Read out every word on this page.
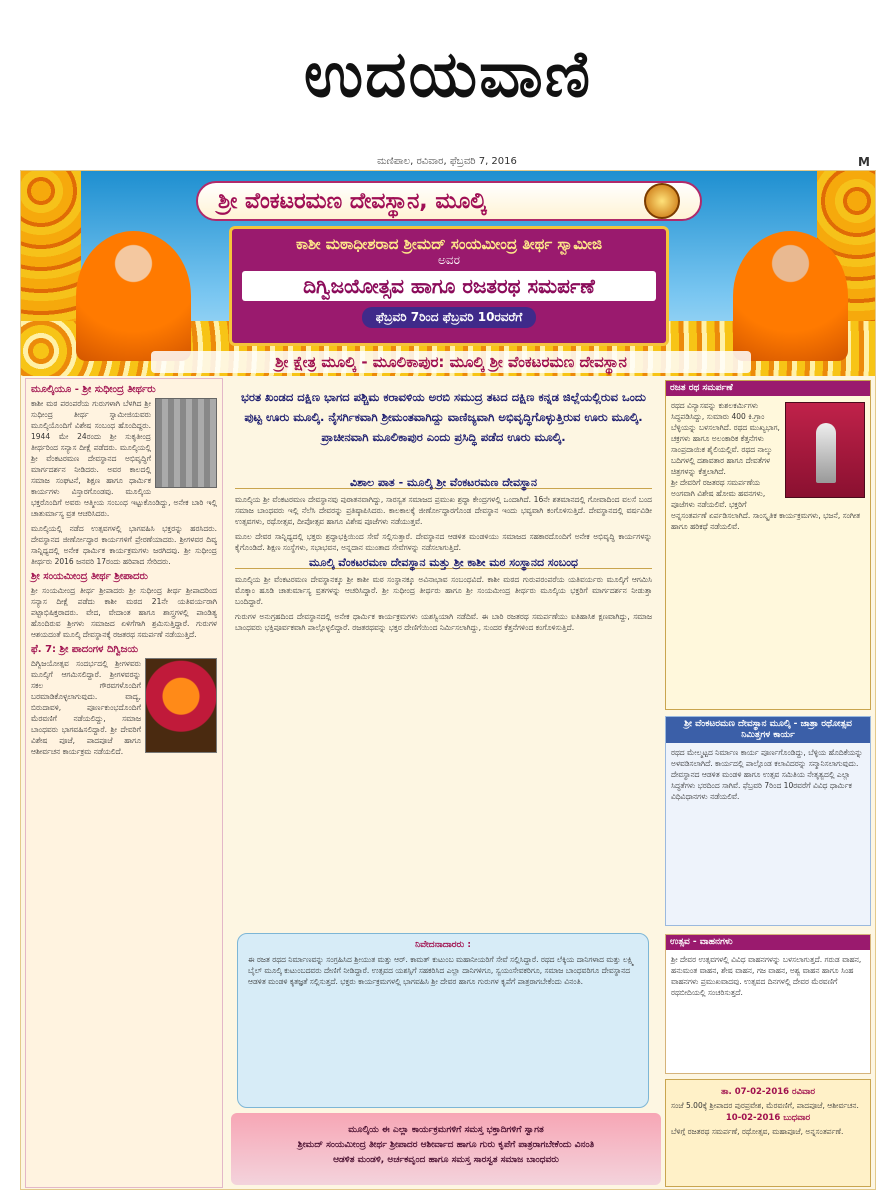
ಉದಯವಾಣಿ
ಮಣಿಪಾಲ, ರವಿವಾರ, ಫೆಬ್ರವರಿ 7, 2016	M
ಶ್ರೀ ವೆಂಕಟರಮಣ ದೇವಸ್ಥಾನ, ಮೂಲ್ಕಿ
ಕಾಶೀ ಮಠಾಧೀಶರಾದ ಶ್ರೀಮದ್ ಸಂಯಮೀಂದ್ರ ತೀರ್ಥ ಸ್ವಾಮೀಜಿ
ಅವರ
ದಿಗ್ವಿಜಯೋತ್ಸವ ಹಾಗೂ ರಜತರಥ ಸಮರ್ಪಣೆ
ಫೆಬ್ರವರಿ 7ರಿಂದ ಫೆಬ್ರವರಿ 10ರವರೆಗೆ
ಶ್ರೀ ಕ್ಷೇತ್ರ ಮೂಲ್ಕಿ - ಮೂಲಿಕಾಪುರ: ಮೂಲ್ಕಿ ಶ್ರೀ ವೆಂಕಟರಮಣ ದೇವಸ್ಥಾನ
ಮೂಲ್ಕಿಯೂ - ಶ್ರೀ ಸುಧೀಂದ್ರ ತೀರ್ಥರು

ಕಾಶೀ ಮಠ ಪರಂಪರೆಯ ಗುರುಗಳಾಗಿ ಬೆಳಗಿದ ಶ್ರೀ ಸುಧೀಂದ್ರ ತೀರ್ಥ ಸ್ವಾಮೀಜಿಯವರು ಮೂಲ್ಕಿಯೊಂದಿಗೆ ವಿಶೇಷ ಸಂಬಂಧ ಹೊಂದಿದ್ದರು. 1944 ಮೇ 24ರಂದು ಶ್ರೀ ಸುಕೃತೀಂದ್ರ ತೀರ್ಥರಿಂದ ಸನ್ಯಾಸ ದೀಕ್ಷೆ ಪಡೆದರು. ಮೂಲ್ಕಿಯಲ್ಲಿ ಶ್ರೀ ವೆಂಕಟರಮಣ ದೇವಸ್ಥಾನದ ಅಭಿವೃದ್ಧಿಗೆ ಮಾರ್ಗದರ್ಶನ ನೀಡಿದರು. ಅವರ ಕಾಲದಲ್ಲಿ ಸಮಾಜ ಸಂಘಟನೆ, ಶಿಕ್ಷಣ ಹಾಗೂ ಧಾರ್ಮಿಕ ಕಾರ್ಯಗಳು ವಿಸ್ತಾರಗೊಂಡವು. ಮೂಲ್ಕಿಯ ಭಕ್ತರೊಂದಿಗೆ ಅವರು ಆತ್ಮೀಯ ಸಂಬಂಧ ಇಟ್ಟುಕೊಂಡಿದ್ದು, ಅನೇಕ ಬಾರಿ ಇಲ್ಲಿ ಚಾತುರ್ಮಾಸ್ಯ ವ್ರತ ಆಚರಿಸಿದರು.

ಮೂಲ್ಕಿಯಲ್ಲಿ ನಡೆದ ಉತ್ಸವಗಳಲ್ಲಿ ಭಾಗವಹಿಸಿ ಭಕ್ತರನ್ನು ಹರಸಿದರು. ದೇವಸ್ಥಾನದ ಜೀರ್ಣೋದ್ಧಾರ ಕಾರ್ಯಗಳಿಗೆ ಪ್ರೇರಣೆಯಾದರು. ಶ್ರೀಗಳವರ ದಿವ್ಯ ಸಾನ್ನಿಧ್ಯದಲ್ಲಿ ಅನೇಕ ಧಾರ್ಮಿಕ ಕಾರ್ಯಕ್ರಮಗಳು ಜರಗಿದವು. ಶ್ರೀ ಸುಧೀಂದ್ರ ತೀರ್ಥರು 2016 ಜನವರಿ 17ರಂದು ಹರಿಪಾದ ಸೇರಿದರು.

ಶ್ರೀ ಸಂಯಮೀಂದ್ರ ತೀರ್ಥ ಶ್ರೀಪಾದರು

ಶ್ರೀ ಸಂಯಮೀಂದ್ರ ತೀರ್ಥ ಶ್ರೀಪಾದರು ಶ್ರೀ ಸುಧೀಂದ್ರ ತೀರ್ಥ ಶ್ರೀಪಾದರಿಂದ ಸನ್ಯಾಸ ದೀಕ್ಷೆ ಪಡೆದು ಕಾಶೀ ಮಠದ 21ನೇ ಯತಿವರ್ಯರಾಗಿ ಪಟ್ಟಾಭಿಷಿಕ್ತರಾದರು. ವೇದ, ವೇದಾಂತ ಹಾಗೂ ಶಾಸ್ತ್ರಗಳಲ್ಲಿ ಪಾಂಡಿತ್ಯ ಹೊಂದಿರುವ ಶ್ರೀಗಳು ಸಮಾಜದ ಏಳಿಗೆಗಾಗಿ ಶ್ರಮಿಸುತ್ತಿದ್ದಾರೆ. ಗುರುಗಳ ಆಶಯದಂತೆ ಮೂಲ್ಕಿ ದೇವಸ್ಥಾನಕ್ಕೆ ರಜತರಥ ಸಮರ್ಪಣೆ ನಡೆಯುತ್ತಿದೆ.

ಫೆ. 7: ಶ್ರೀ ಪಾದಂಗಳ ದಿಗ್ವಿಜಯ

ದಿಗ್ವಿಜಯೋತ್ಸವ ಸಂದರ್ಭದಲ್ಲಿ ಶ್ರೀಗಳವರು ಮೂಲ್ಕಿಗೆ ಆಗಮಿಸಲಿದ್ದಾರೆ. ಶ್ರೀಗಳವರನ್ನು ಸಕಲ ಗೌರವಗಳೊಂದಿಗೆ ಬರಮಾಡಿಕೊಳ್ಳಲಾಗುವುದು. ವಾದ್ಯ, ಬಿರುದಾವಳಿ, ಪೂರ್ಣಕುಂಭದೊಂದಿಗೆ ಮೆರವಣಿಗೆ ನಡೆಯಲಿದ್ದು, ಸಮಾಜ ಬಾಂಧವರು ಭಾಗವಹಿಸಲಿದ್ದಾರೆ. ಶ್ರೀ ದೇವರಿಗೆ ವಿಶೇಷ ಪೂಜೆ, ಪಾದಪೂಜೆ ಹಾಗೂ ಆಶೀರ್ವಚನ ಕಾರ್ಯಕ್ರಮ ನಡೆಯಲಿದೆ.

ಭರತ ಖಂಡದ ದಕ್ಷಿಣ ಭಾಗದ ಪಶ್ಚಿಮ ಕರಾವಳಿಯ ಅರಬಿ ಸಮುದ್ರ ತಟದ ದಕ್ಷಿಣ ಕನ್ನಡ ಜಿಲ್ಲೆಯಲ್ಲಿರುವ ಒಂದು ಪುಟ್ಟ ಊರು ಮೂಲ್ಕಿ. ನೈಸರ್ಗಿಕವಾಗಿ ಶ್ರೀಮಂತವಾಗಿದ್ದು ವಾಣಿಜ್ಯವಾಗಿ ಅಭಿವೃದ್ಧಿಗೊಳ್ಳುತ್ತಿರುವ ಊರು ಮೂಲ್ಕಿ. ಪ್ರಾಚೀನವಾಗಿ ಮೂಲಿಕಾಪುರ ಎಂದು ಪ್ರಸಿದ್ಧಿ ಪಡೆದ ಊರು ಮೂಲ್ಕಿ.
ವಿಶಾಲ ಪಾತ - ಮೂಲ್ಕಿ ಶ್ರೀ ವೆಂಕಟರಮಣ ದೇವಸ್ಥಾನ

ಮೂಲ್ಕಿಯ ಶ್ರೀ ವೆಂಕಟರಮಣ ದೇವಸ್ಥಾನವು ಪುರಾತನವಾಗಿದ್ದು, ಸಾರಸ್ವತ ಸಮಾಜದ ಪ್ರಮುಖ ಶ್ರದ್ಧಾ ಕೇಂದ್ರಗಳಲ್ಲಿ ಒಂದಾಗಿದೆ. 16ನೇ ಶತಮಾನದಲ್ಲಿ ಗೋವಾದಿಂದ ವಲಸೆ ಬಂದ ಸಮಾಜ ಬಾಂಧವರು ಇಲ್ಲಿ ನೆಲೆಸಿ ದೇವರನ್ನು ಪ್ರತಿಷ್ಠಾಪಿಸಿದರು. ಕಾಲಕಾಲಕ್ಕೆ ಜೀರ್ಣೋದ್ಧಾರಗೊಂಡ ದೇವಸ್ಥಾನ ಇಂದು ಭವ್ಯವಾಗಿ ಕಂಗೊಳಿಸುತ್ತಿದೆ. ದೇವಸ್ಥಾನದಲ್ಲಿ ವರ್ಷವಿಡೀ ಉತ್ಸವಗಳು, ರಥೋತ್ಸವ, ದೀಪೋತ್ಸವ ಹಾಗೂ ವಿಶೇಷ ಪೂಜೆಗಳು ನಡೆಯುತ್ತವೆ.

ಮೂಲ ದೇವರ ಸಾನ್ನಿಧ್ಯದಲ್ಲಿ ಭಕ್ತರು ಶ್ರದ್ಧಾಭಕ್ತಿಯಿಂದ ಸೇವೆ ಸಲ್ಲಿಸುತ್ತಾರೆ. ದೇವಸ್ಥಾನದ ಆಡಳಿತ ಮಂಡಳಿಯು ಸಮಾಜದ ಸಹಕಾರದೊಂದಿಗೆ ಅನೇಕ ಅಭಿವೃದ್ಧಿ ಕಾರ್ಯಗಳನ್ನು ಕೈಗೊಂಡಿದೆ. ಶಿಕ್ಷಣ ಸಂಸ್ಥೆಗಳು, ಸಭಾಭವನ, ಅನ್ನದಾನ ಮುಂತಾದ ಸೇವೆಗಳನ್ನು ನಡೆಸಲಾಗುತ್ತಿದೆ.

ಮೂಲ್ಕಿ ವೆಂಕಟರಮಣ ದೇವಸ್ಥಾನ ಮತ್ತು ಶ್ರೀ ಕಾಶೀ ಮಠ ಸಂಸ್ಥಾನದ ಸಂಬಂಧ

ಮೂಲ್ಕಿಯ ಶ್ರೀ ವೆಂಕಟರಮಣ ದೇವಸ್ಥಾನಕ್ಕೂ ಶ್ರೀ ಕಾಶೀ ಮಠ ಸಂಸ್ಥಾನಕ್ಕೂ ಅವಿನಾಭಾವ ಸಂಬಂಧವಿದೆ. ಕಾಶೀ ಮಠದ ಗುರುಪರಂಪರೆಯ ಯತಿವರ್ಯರು ಮೂಲ್ಕಿಗೆ ಆಗಮಿಸಿ ಮೊಕ್ಕಾಂ ಹೂಡಿ ಚಾತುರ್ಮಾಸ್ಯ ವ್ರತಗಳನ್ನು ಆಚರಿಸಿದ್ದಾರೆ. ಶ್ರೀ ಸುಧೀಂದ್ರ ತೀರ್ಥರು ಹಾಗೂ ಶ್ರೀ ಸಂಯಮೀಂದ್ರ ತೀರ್ಥರು ಮೂಲ್ಕಿಯ ಭಕ್ತರಿಗೆ ಮಾರ್ಗದರ್ಶನ ನೀಡುತ್ತಾ ಬಂದಿದ್ದಾರೆ.

ಗುರುಗಳ ಅನುಗ್ರಹದಿಂದ ದೇವಸ್ಥಾನದಲ್ಲಿ ಅನೇಕ ಧಾರ್ಮಿಕ ಕಾರ್ಯಕ್ರಮಗಳು ಯಶಸ್ವಿಯಾಗಿ ನಡೆದಿವೆ. ಈ ಬಾರಿ ರಜತರಥ ಸಮರ್ಪಣೆಯು ಐತಿಹಾಸಿಕ ಕ್ಷಣವಾಗಿದ್ದು, ಸಮಾಜ ಬಾಂಧವರು ಭಕ್ತಿಪೂರ್ವಕವಾಗಿ ಪಾಲ್ಗೊಳ್ಳಲಿದ್ದಾರೆ. ರಜತರಥವನ್ನು ಭಕ್ತರ ದೇಣಿಗೆಯಿಂದ ನಿರ್ಮಿಸಲಾಗಿದ್ದು, ಸುಂದರ ಕೆತ್ತನೆಗಳಿಂದ ಕಂಗೊಳಿಸುತ್ತಿದೆ.

ನಿವೇದನಾದಾರರು :

ಈ ರಜತ ರಥದ ನಿರ್ಮಾಣವನ್ನು ಸಂಗ್ರಹಿಸಿದ ಶ್ರೀಯುತ ಮತ್ತು ಆರ್. ಕಾಮತ್ ಕುಟುಂಬ ಮಹಾನೀಯರಿಗೆ ಸೇವೆ ಸಲ್ಲಿಸಿದ್ದಾರೆ. ರಥದ ಲೆಕ್ಕಿಯ ದಾನಿಗಳಾದ ಮತ್ತು ಲಕ್ಷ್ಮಿ ಬೈಲ್ ಮೂಲ್ಕಿ ಕುಟುಂಬದವರು ದೇಣಿಗೆ ನೀಡಿದ್ದಾರೆ. ಉತ್ಸವದ ಯಶಸ್ಸಿಗೆ ಸಹಕರಿಸಿದ ಎಲ್ಲಾ ದಾನಿಗಳಿಗೂ, ಸ್ವಯಂಸೇವಕರಿಗೂ, ಸಮಾಜ ಬಾಂಧವರಿಗೂ ದೇವಸ್ಥಾನದ ಆಡಳಿತ ಮಂಡಳಿ ಕೃತಜ್ಞತೆ ಸಲ್ಲಿಸುತ್ತದೆ. ಭಕ್ತರು ಕಾರ್ಯಕ್ರಮಗಳಲ್ಲಿ ಭಾಗವಹಿಸಿ ಶ್ರೀ ದೇವರ ಹಾಗೂ ಗುರುಗಳ ಕೃಪೆಗೆ ಪಾತ್ರರಾಗಬೇಕೆಂದು ವಿನಂತಿ.

ಮೂಲ್ಕಿಯ ಈ ಎಲ್ಲಾ ಕಾರ್ಯಕ್ರಮಗಳಿಗೆ ಸಮಸ್ತ ಭಕ್ತಾದಿಗಳಿಗೆ ಸ್ವಾಗತ
ಶ್ರೀಮದ್ ಸಂಯಮೀಂದ್ರ ತೀರ್ಥ ಶ್ರೀಪಾದರ ಆಶೀರ್ವಾದ ಹಾಗೂ ಗುರು ಕೃಪೆಗೆ ಪಾತ್ರರಾಗಬೇಕೆಂದು ವಿನಂತಿ
ಆಡಳಿತ ಮಂಡಳಿ, ಅರ್ಚಕವೃಂದ ಹಾಗೂ ಸಮಸ್ತ ಸಾರಸ್ವತ ಸಮಾಜ ಬಾಂಧವರು
ರಜತ ರಥ ಸಮರ್ಪಣೆ

ರಥದ ವಿನ್ಯಾಸವನ್ನು ಕುಶಲಕರ್ಮಿಗಳು ಸಿದ್ಧಪಡಿಸಿದ್ದು, ಸುಮಾರು 400 ಕಿ.ಗ್ರಾಂ ಬೆಳ್ಳಿಯನ್ನು ಬಳಸಲಾಗಿದೆ. ರಥದ ಮುಖ್ಯಭಾಗ, ಚಕ್ರಗಳು ಹಾಗೂ ಅಲಂಕಾರಿಕ ಕೆತ್ತನೆಗಳು ಸಾಂಪ್ರದಾಯಿಕ ಶೈಲಿಯಲ್ಲಿವೆ. ರಥದ ನಾಲ್ಕು ಬದಿಗಳಲ್ಲಿ ದಶಾವತಾರ ಹಾಗೂ ದೇವತೆಗಳ ಚಿತ್ರಗಳನ್ನು ಕೆತ್ತಲಾಗಿದೆ.

ಶ್ರೀ ದೇವರಿಗೆ ರಜತರಥ ಸಮರ್ಪಣೆಯ ಅಂಗವಾಗಿ ವಿಶೇಷ ಹೋಮ ಹವನಗಳು, ಪೂಜೆಗಳು ನಡೆಯಲಿವೆ. ಭಕ್ತರಿಗೆ ಅನ್ನಸಂತರ್ಪಣೆ ಏರ್ಪಡಿಸಲಾಗಿದೆ. ಸಾಂಸ್ಕೃತಿಕ ಕಾರ್ಯಕ್ರಮಗಳು, ಭಜನೆ, ಸಂಗೀತ ಹಾಗೂ ಹರಿಕಥೆ ನಡೆಯಲಿವೆ.

ಶ್ರೀ ವೆಂಕಟರಮಣ ದೇವಸ್ಥಾನ ಮೂಲ್ಕಿ - ಜಾತ್ರಾ ರಥೋತ್ಸವ ನಿಮಿತ್ತಗಳ ಕಾರ್ಯ

ರಥದ ಮೇಲ್ಮಟ್ಟದ ನಿರ್ಮಾಣ ಕಾರ್ಯ ಪೂರ್ಣಗೊಂಡಿದ್ದು, ಬೆಳ್ಳಿಯ ಹೊದಿಕೆಯನ್ನು ಅಳವಡಿಸಲಾಗಿದೆ. ಕಾರ್ಯದಲ್ಲಿ ಪಾಲ್ಗೊಂಡ ಕಲಾವಿದರನ್ನು ಸನ್ಮಾನಿಸಲಾಗುವುದು. ದೇವಸ್ಥಾನದ ಆಡಳಿತ ಮಂಡಳಿ ಹಾಗೂ ಉತ್ಸವ ಸಮಿತಿಯ ನೇತೃತ್ವದಲ್ಲಿ ಎಲ್ಲಾ ಸಿದ್ಧತೆಗಳು ಭರದಿಂದ ಸಾಗಿವೆ. ಫೆಬ್ರವರಿ 7ರಿಂದ 10ರವರೆಗೆ ವಿವಿಧ ಧಾರ್ಮಿಕ ವಿಧಿವಿಧಾನಗಳು ನಡೆಯಲಿವೆ.

ಉತ್ಸವ - ವಾಹನಗಳು

ಶ್ರೀ ದೇವರ ಉತ್ಸವಗಳಲ್ಲಿ ವಿವಿಧ ವಾಹನಗಳನ್ನು ಬಳಸಲಾಗುತ್ತದೆ. ಗರುಡ ವಾಹನ, ಹನುಮಂತ ವಾಹನ, ಶೇಷ ವಾಹನ, ಗಜ ವಾಹನ, ಅಶ್ವ ವಾಹನ ಹಾಗೂ ಸಿಂಹ ವಾಹನಗಳು ಪ್ರಮುಖವಾದವು. ಉತ್ಸವದ ದಿನಗಳಲ್ಲಿ ದೇವರ ಮೆರವಣಿಗೆ ರಥಬೀದಿಯಲ್ಲಿ ಸಂಚರಿಸುತ್ತದೆ.

ತಾ. 07-02-2016 ರವಿವಾರ

ಸಂಜೆ 5.00ಕ್ಕೆ ಶ್ರೀಪಾದರ ಪುರಪ್ರವೇಶ, ಮೆರವಣಿಗೆ, ಪಾದಪೂಜೆ, ಆಶೀರ್ವಚನ.

10-02-2016 ಬುಧವಾರ

ಬೆಳಿಗ್ಗೆ ರಜತರಥ ಸಮರ್ಪಣೆ, ರಥೋತ್ಸವ, ಮಹಾಪೂಜೆ, ಅನ್ನಸಂತರ್ಪಣೆ.
